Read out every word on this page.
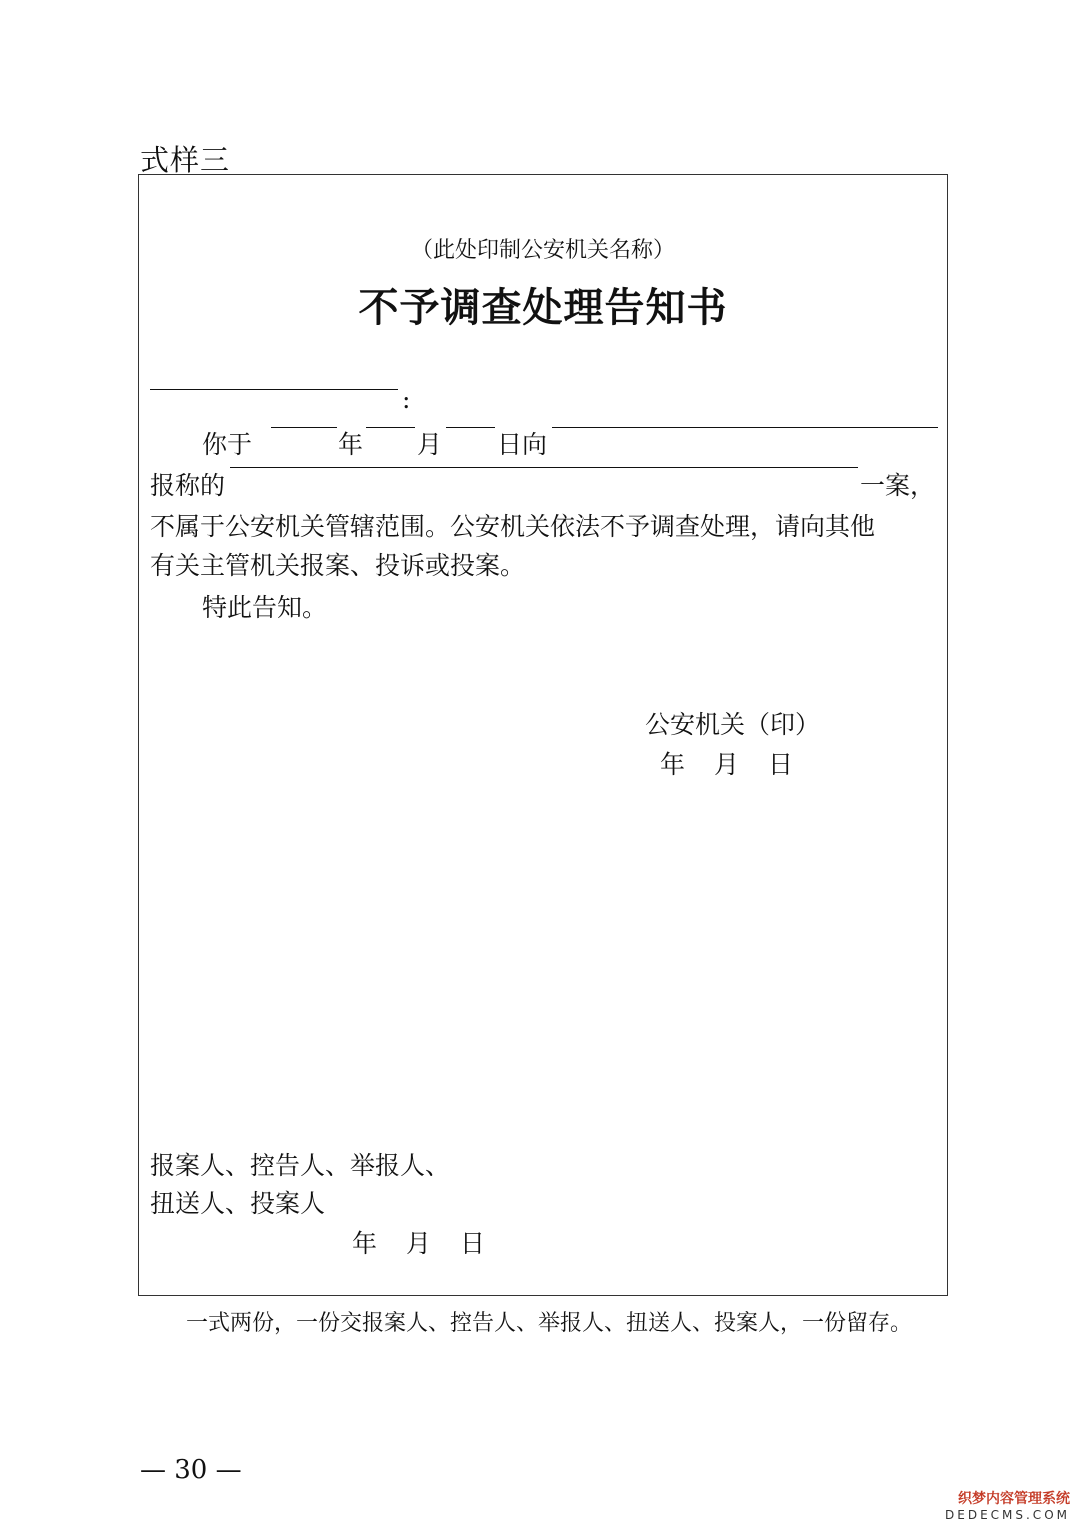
式样三
（此处印制公安机关名称）
不予调查处理告知书
:
你于	年 月 日向
报称的	一案，
不属于公安机关管辖范围。公安机关依法不予调查处理，请向其他
有关主管机关报案、投诉或投案。
特此告知。
公安机关（印）
年 月 日
报案人、控告人、举报人、
扭送人、投案人
年 月 日
一式两份，一份交报案人、控告人、举报人、扭送人、投案人，一份留存。
— 30 —
织梦内容管理系统
DEDECMS.COM
